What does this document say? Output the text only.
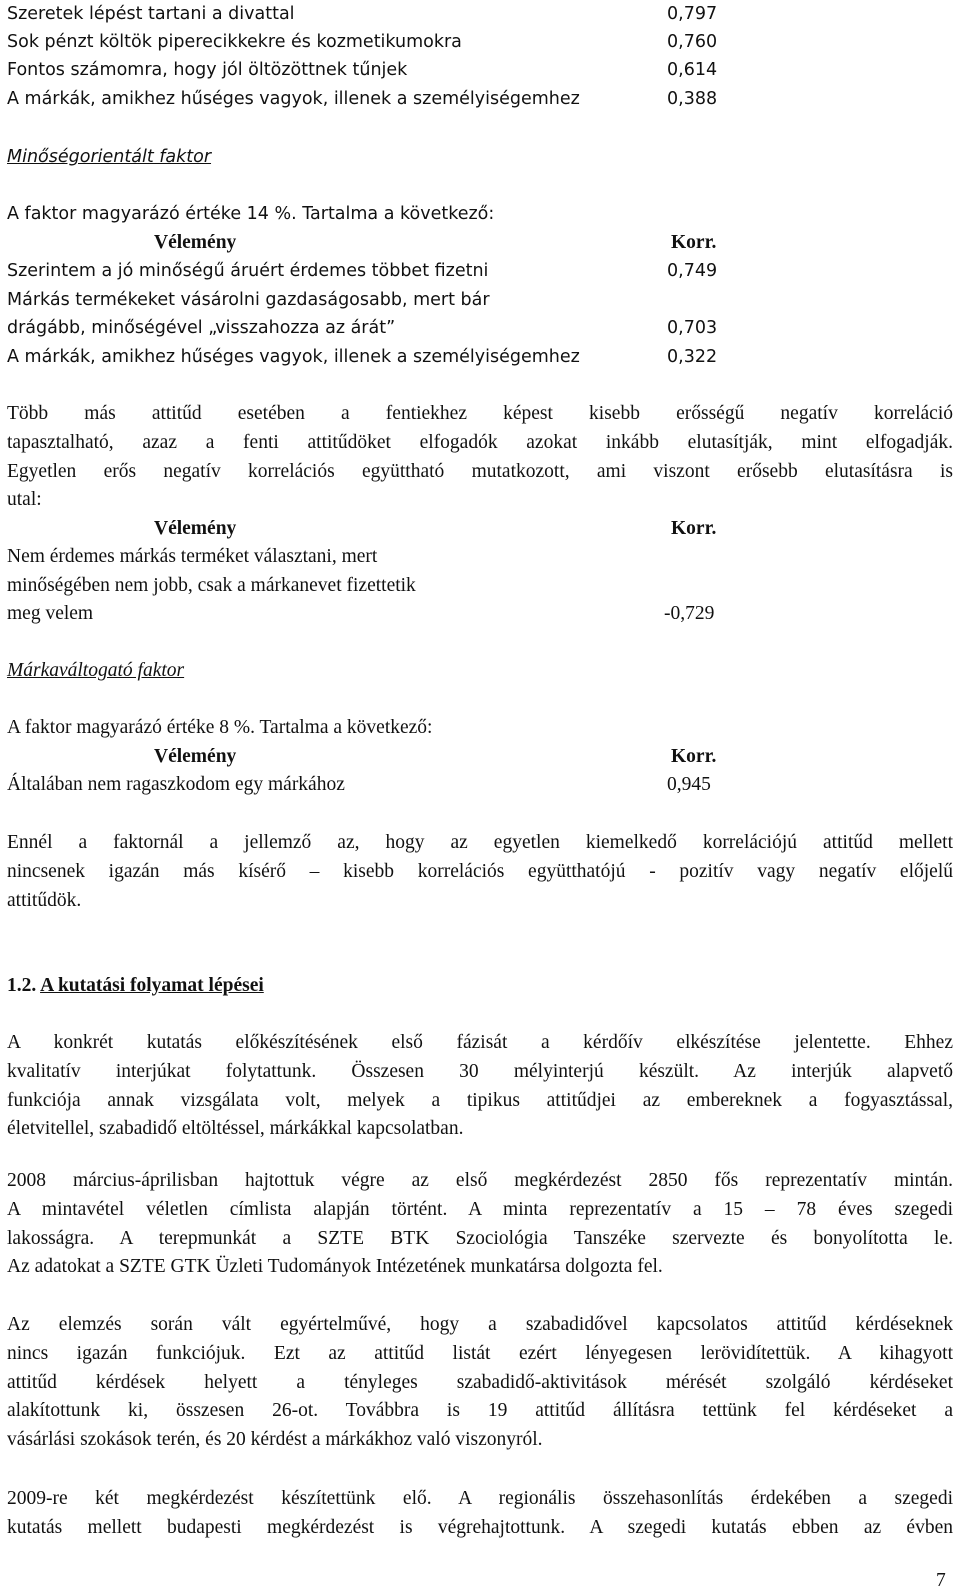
Szeretek lépést tartani a divattal	0,797
Sok pénzt költök piperecikkekre és kozmetikumokra	0,760
Fontos számomra, hogy jól öltözöttnek tűnjek	0,614
A márkák, amikhez hűséges vagyok, illenek a személyiségemhez	0,388
Minőségorientált faktor
A faktor magyarázó értéke 14 %. Tartalma a következő:
Vélemény	Korr.
Szerintem a jó minőségű áruért érdemes többet fizetni	0,749
Márkás termékeket vásárolni gazdaságosabb, mert bár
drágább, minőségével „visszahozza az árát”	0,703
A márkák, amikhez hűséges vagyok, illenek a személyiségemhez	0,322
Több más attitűd esetében a fentiekhez képest kisebb erősségű negatív korreláció
tapasztalható, azaz a fenti attitűdöket elfogadók azokat inkább elutasítják, mint elfogadják.
Egyetlen erős negatív korrelációs együttható mutatkozott, ami viszont erősebb elutasításra is
utal:
Vélemény	Korr.
Nem érdemes márkás terméket választani, mert
minőségében nem jobb, csak a márkanevet fizettetik
meg velem	-0,729
Márkaváltogató faktor
A faktor magyarázó értéke 8 %. Tartalma a következő:
Vélemény	Korr.
Általában nem ragaszkodom egy márkához	0,945
Ennél a faktornál a jellemző az, hogy az egyetlen kiemelkedő korrelációjú attitűd mellett
nincsenek igazán más kísérő – kisebb korrelációs együtthatójú - pozitív vagy negatív előjelű
attitűdök.
1.2. A kutatási folyamat lépései
A konkrét kutatás előkészítésének első fázisát a kérdőív elkészítése jelentette. Ehhez
kvalitatív interjúkat folytattunk. Összesen 30 mélyinterjú készült. Az interjúk alapvető
funkciója annak vizsgálata volt, melyek a tipikus attitűdjei az embereknek a fogyasztással,
életvitellel, szabadidő eltöltéssel, márkákkal kapcsolatban.
2008 március-áprilisban hajtottuk végre az első megkérdezést 2850 fős reprezentatív mintán.
A mintavétel véletlen címlista alapján történt. A minta reprezentatív a 15 – 78 éves szegedi
lakosságra. A terepmunkát a SZTE BTK Szociológia Tanszéke szervezte és bonyolította le.
Az adatokat a SZTE GTK Üzleti Tudományok Intézetének munkatársa dolgozta fel.
Az elemzés során vált egyértelművé, hogy a szabadidővel kapcsolatos attitűd kérdéseknek
nincs igazán funkciójuk. Ezt az attitűd listát ezért lényegesen lerövidítettük. A kihagyott
attitűd kérdések helyett a tényleges szabadidő-aktivitások mérését szolgáló kérdéseket
alakítottunk ki, összesen 26-ot. Továbbra is 19 attitűd állításra tettünk fel kérdéseket a
vásárlási szokások terén, és 20 kérdést a márkákhoz való viszonyról.
2009-re két megkérdezést készítettünk elő. A regionális összehasonlítás érdekében a szegedi
kutatás mellett budapesti megkérdezést is végrehajtottunk. A szegedi kutatás ebben az évben
7
